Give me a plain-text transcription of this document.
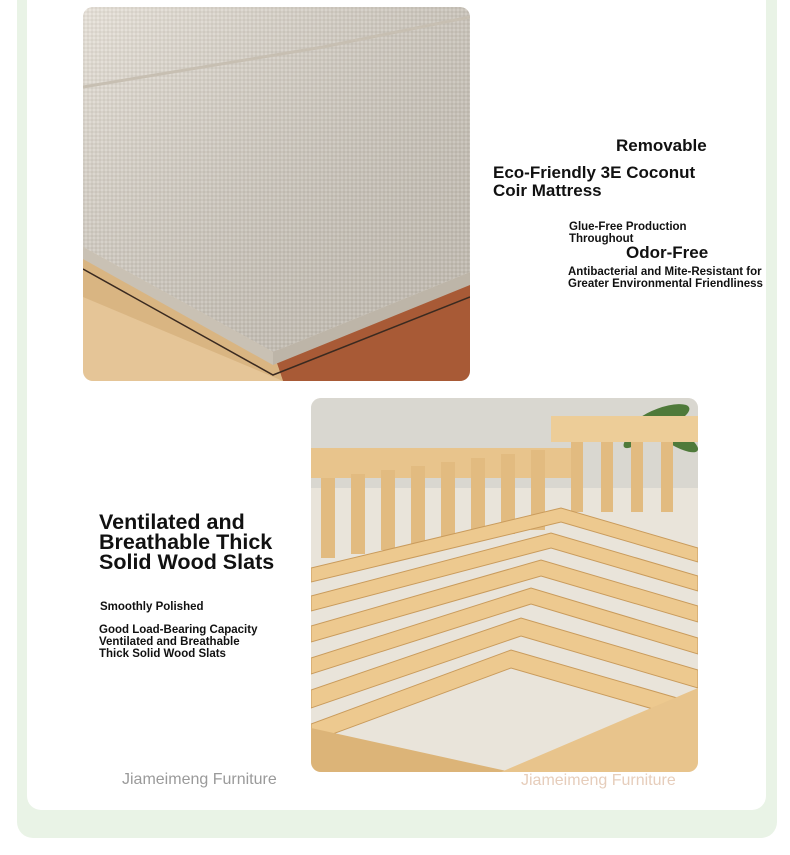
Removable

Eco-Friendly 3E Coconut Coir Mattress

Glue-Free Production Throughout

Odor-Free

Antibacterial and Mite-Resistant for Greater Environmental Friendliness

Ventilated and Breathable Thick Solid Wood Slats

Smoothly Polished

Good Load-Bearing Capacity

Ventilated and Breathable Thick Solid Wood Slats

Jiameimeng Furniture	Jiameimeng Furniture
